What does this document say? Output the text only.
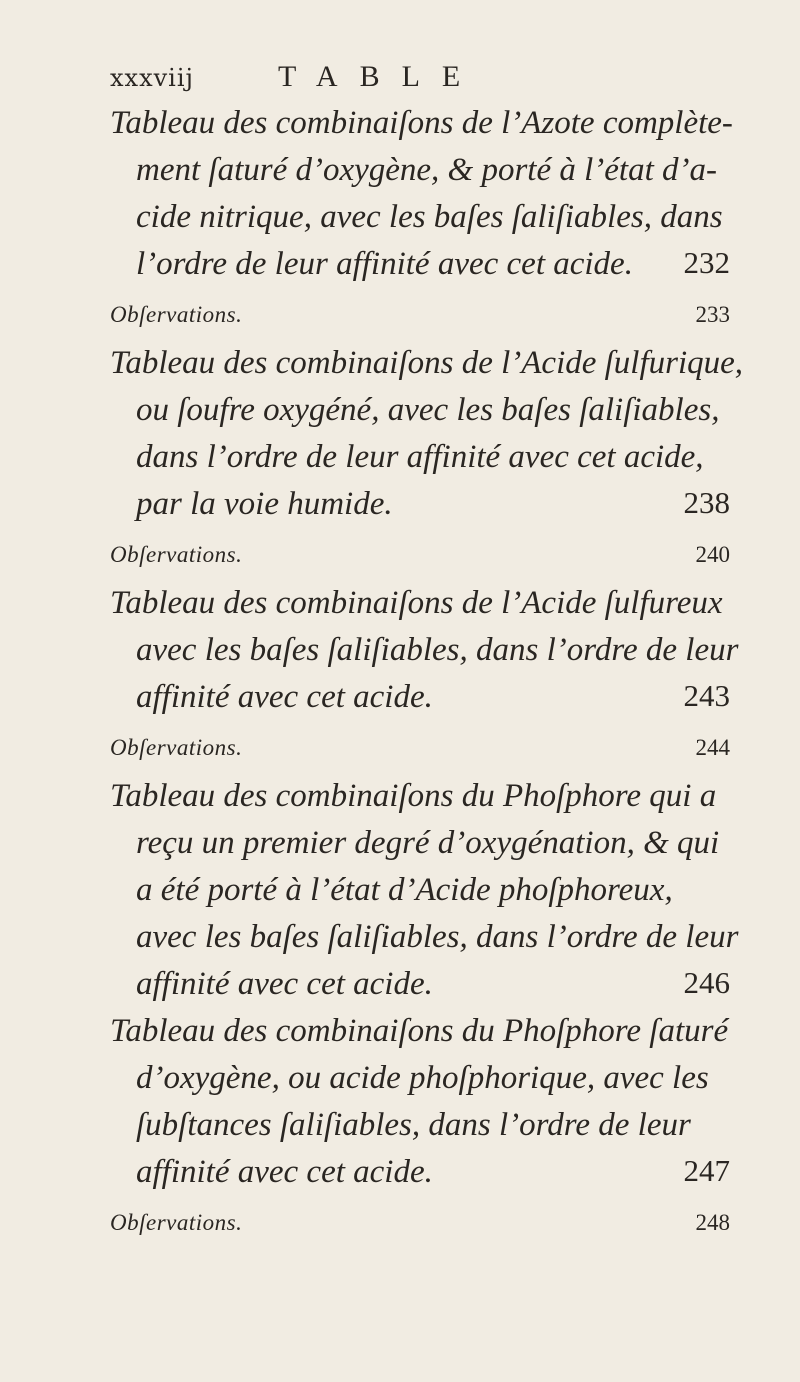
xxxviij	TABLE
Tableau des combinaiſons de l’Azote complète-
ment ſaturé d’oxygène, & porté à l’état d’a-
cide nitrique, avec les baſes ſaliſiables, dans
l’ordre de leur affinité avec cet acide.	232
Obſervations.	233
Tableau des combinaiſons de l’Acide ſulfurique,
ou ſoufre oxygéné, avec les baſes ſaliſiables,
dans l’ordre de leur affinité avec cet acide,
par la voie humide.	238
Obſervations.	240
Tableau des combinaiſons de l’Acide ſulfureux
avec les baſes ſaliſiables, dans l’ordre de leur
affinité avec cet acide.	243
Obſervations.	244
Tableau des combinaiſons du Phoſphore qui a
reçu un premier degré d’oxygénation, & qui
a été porté à l’état d’Acide phoſphoreux,
avec les baſes ſaliſiables, dans l’ordre de leur
affinité avec cet acide.	246
Tableau des combinaiſons du Phoſphore ſaturé
d’oxygène, ou acide phoſphorique, avec les
ſubſtances ſaliſiables, dans l’ordre de leur
affinité avec cet acide.	247
Obſervations.	248
